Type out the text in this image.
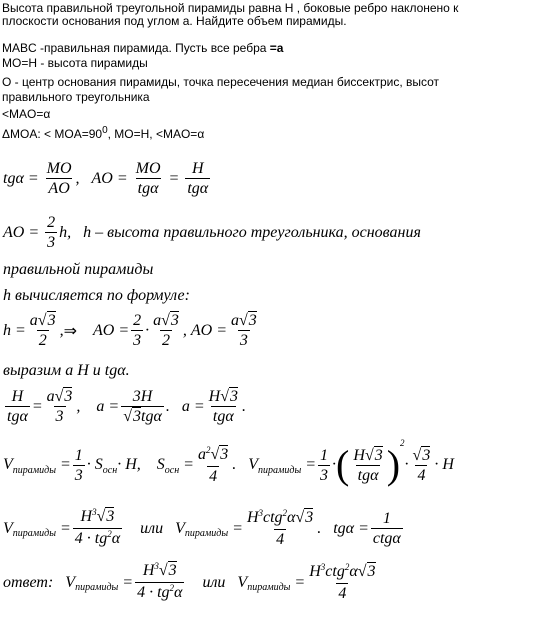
Высота правильной треугольной пирамиды равна H , боковые ребро наклонено к
плоскости основания под углом a. Найдите объем пирамиды.
MABC -правильная пирамида. Пусть все ребра =a
MO=H - высота пирамиды
O - центр основания пирамиды, точка пересечения медиан биссектрис, высот
правильного треугольника
<MAO=α
ΔMOA: < $MOA=90^0$, MO=H, <MAO=α
$tg\alpha = \frac{MO}{AO}$ , AO =
MO
tgα
=
H
tgα
AO = $\frac{2}{3}$ h , h – высота правильного треугольника, основания
правильной пирамиды
h вычисляется по формуле:
h =
a√3
2
, ⇒
AO =
2
3
·
a√3
2
, AO =
a√3
3
выразим a H и tgα.
H
tgα
=
a√3
3
, a =
3H
√3tgα
. a =
H√3
tgα
.
V пирамиды =
1
3
· S осн · H , S осн =
$a^2√3$
4
. V пирамиды =
1
3
· ( H√3
tgα ) 2
·
√3
4
· H
V пирамиды =
$H^3√3$
$4 \cdot tg^2\alpha$

или
V пирамиды =
$H^3ctg^2\alpha√3$
4
. tgα =
1
ctgα
ответ:
V пирамиды =
$H^3√3$
$4 \cdot tg^2\alpha$

или
V пирамиды =
$H^3ctg^2\alpha√3$
4
